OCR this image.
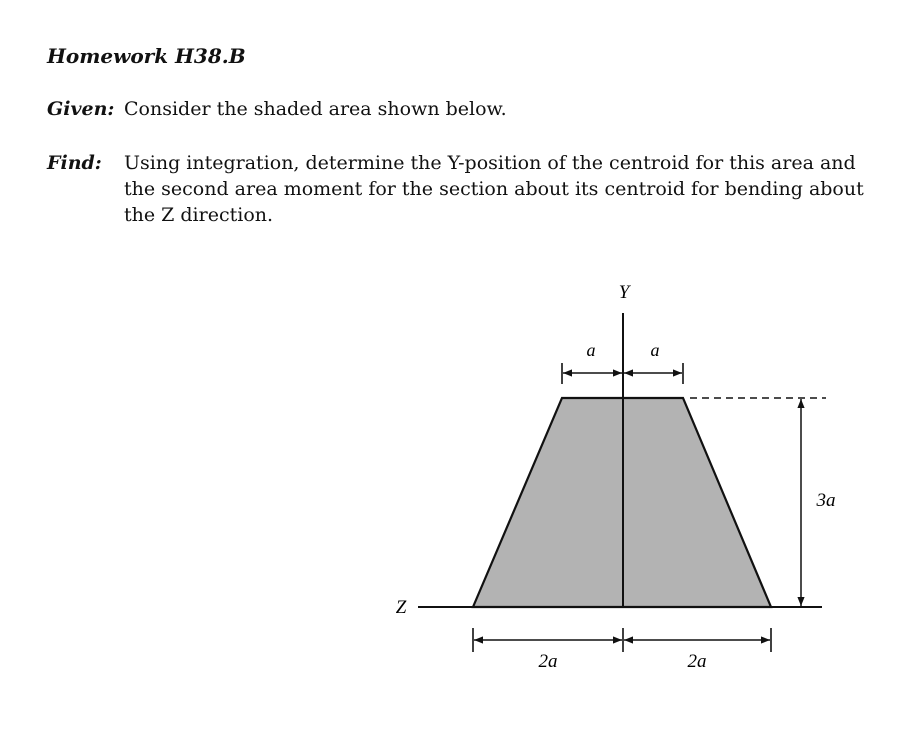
Homework H38.B
Given: Consider the shaded area shown below.
Find: Using integration, determine the Y-position of the centroid for this area and the second area moment for the section about its centroid for bending about the Z direction.
Y
Z
a	a
3a
2a	2a
